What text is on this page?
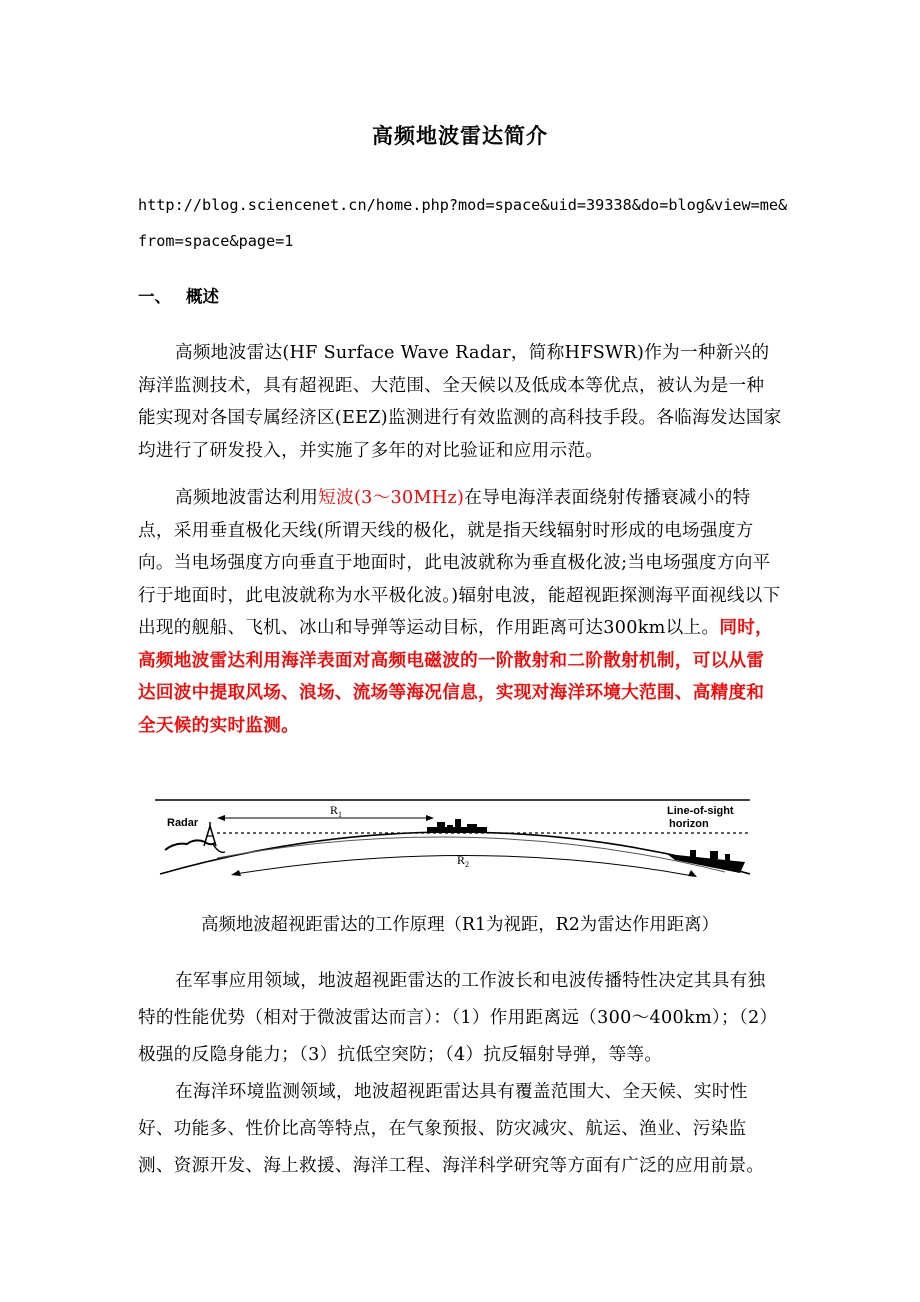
高频地波雷达简介
http://blog.sciencenet.cn/home.php?mod=space&uid=39338&do=blog&view=me&from=space&page=1
一、 概述

高频地波雷达(HF Surface Wave Radar，简称HFSWR)作为一种新兴的海洋监测技术，具有超视距、大范围、全天候以及低成本等优点，被认为是一种能实现对各国专属经济区(EEZ)监测进行有效监测的高科技手段。各临海发达国家均进行了研发投入，并实施了多年的对比验证和应用示范。

高频地波雷达利用短波(3～30MHz)在导电海洋表面绕射传播衰减小的特点，采用垂直极化天线(所谓天线的极化，就是指天线辐射时形成的电场强度方向。当电场强度方向垂直于地面时，此电波就称为垂直极化波;当电场强度方向平行于地面时，此电波就称为水平极化波。)辐射电波，能超视距探测海平面视线以下出现的舰船、飞机、冰山和导弹等运动目标，作用距离可达300km以上。同时，高频地波雷达利用海洋表面对高频电磁波的一阶散射和二阶散射机制，可以从雷达回波中提取风场、浪场、流场等海况信息，实现对海洋环境大范围、高精度和全天候的实时监测。

Radar
$R_1$
$R_2$
Line-of-sight
horizon
高频地波超视距雷达的工作原理（R1为视距，R2为雷达作用距离）

在军事应用领域，地波超视距雷达的工作波长和电波传播特性决定其具有独特的性能优势（相对于微波雷达而言）：（1）作用距离远（300～400km）；（2）极强的反隐身能力；（3）抗低空突防；（4）抗反辐射导弹，等等。

在海洋环境监测领域，地波超视距雷达具有覆盖范围大、全天候、实时性好、功能多、性价比高等特点，在气象预报、防灾减灾、航运、渔业、污染监测、资源开发、海上救援、海洋工程、海洋科学研究等方面有广泛的应用前景。
